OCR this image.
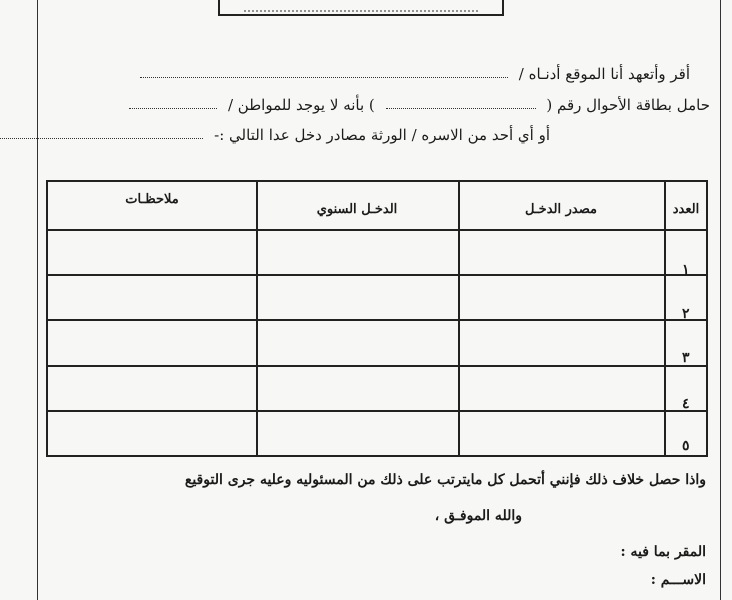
أقر وأتعهد أنا الموقع أدنـاه /
حامل بطاقة الأحوال رقم (  ) بأنه لا يوجد للمواطن /
أو أي أحد من الاسره / الورثة مصادر دخل عدا التالي :-
العدد
مصدر الدخـل
الدخـل السنوي
ملاحظـات
١
٢
٣
٤
٥
واذا حصل خلاف ذلك فإنني أتحمل كل مايترتب على ذلك من المسئوليه وعليه جرى التوقيع
والله الموفـق ،
المقر بما فيه :
الاســـم :
